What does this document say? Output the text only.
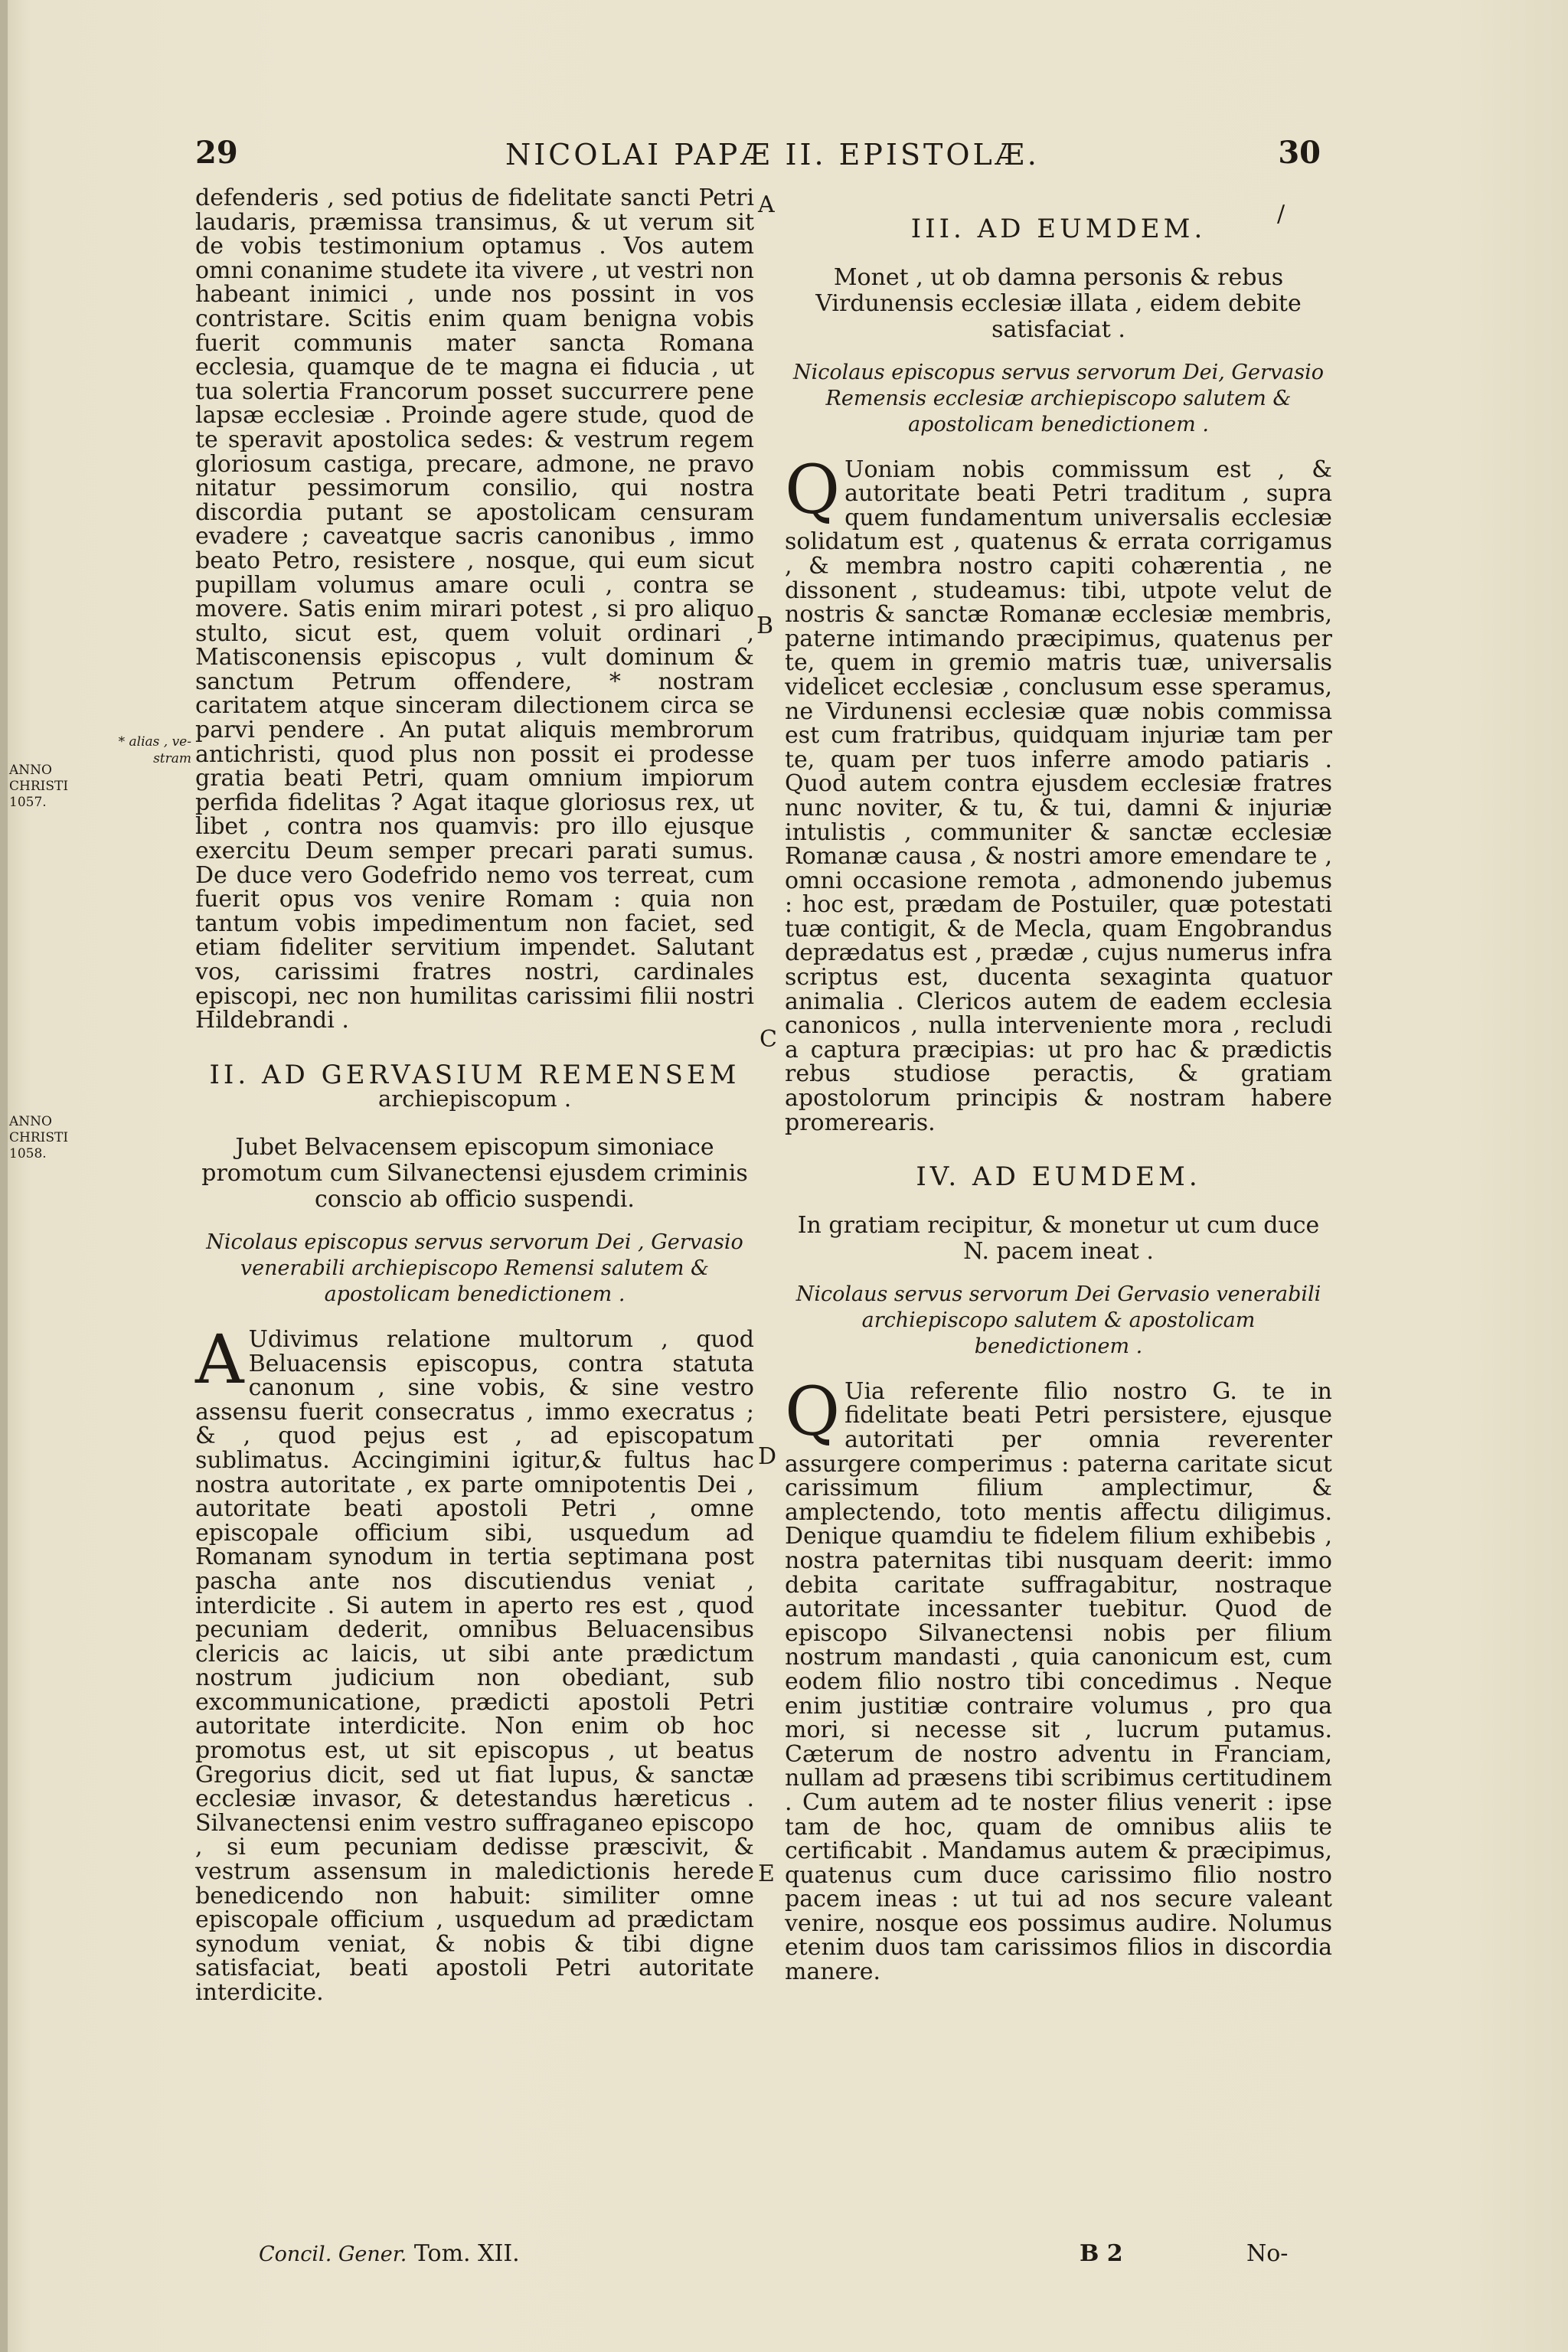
29	NICOLAI PAPÆ II. EPISTOLÆ.	30
/

defenderis , sed potius de fidelitate sancti Petri laudaris, præmissa transimus, & ut verum sit de vobis testimonium optamus . Vos autem omni conanime studete ita vivere , ut vestri non habeant inimici , unde nos possint in vos contristare. Scitis enim quam benigna vobis fuerit communis mater sancta Romana ecclesia, quamque de te magna ei fiducia , ut tua solertia Francorum posset succurrere pene lapsæ ecclesiæ . Proinde agere stude, quod de te speravit apostolica sedes: & vestrum regem gloriosum castiga, precare, admone, ne pravo nitatur pessimorum consilio, qui nostra discordia putant se apostolicam censuram evadere ; caveatque sacris canonibus , immo beato Petro, resistere , nosque, qui eum sicut pupillam volumus amare oculi , contra se movere. Satis enim mirari potest , si pro aliquo stulto, sicut est, quem voluit ordinari , Matisconensis episcopus , vult dominum & sanctum Petrum offendere, * nostram caritatem atque sinceram dilectionem circa se parvi pendere . An putat aliquis membrorum antichristi, quod plus non possit ei prodesse gratia beati Petri, quam omnium impiorum perfida fidelitas ? Agat itaque gloriosus rex, ut libet , contra nos quamvis: pro illo ejusque exercitu Deum semper precari parati sumus. De duce vero Godefrido nemo vos terreat, cum fuerit opus vos venire Romam : quia non tantum vobis impedimentum non faciet, sed etiam fideliter servitium impendet. Salutant vos, carissimi fratres nostri, cardinales episcopi, nec non humilitas carissimi filii nostri Hildebrandi .

II. AD GERVASIUM REMENSEM

archiepiscopum .

Jubet Belvacensem episcopum simoniace promotum cum Silvanectensi ejusdem criminis conscio ab officio suspendi.

Nicolaus episcopus servus servorum Dei , Gervasio venerabili archiepiscopo Remensi salutem & apostolicam benedictionem .

A Udivimus relatione multorum , quod Beluacensis episcopus, contra statuta canonum , sine vobis, & sine vestro assensu fuerit consecratus , immo execratus ; & , quod pejus est , ad episcopatum sublimatus. Accingimini igitur,& fultus hac nostra autoritate , ex parte omnipotentis Dei , autoritate beati apostoli Petri , omne episcopale officium sibi, usquedum ad Romanam synodum in tertia septimana post pascha ante nos discutiendus veniat , interdicite . Si autem in aperto res est , quod pecuniam dederit, omnibus Beluacensibus clericis ac laicis, ut sibi ante prædictum nostrum judicium non obediant, sub excommunicatione, prædicti apostoli Petri autoritate interdicite. Non enim ob hoc promotus est, ut sit episcopus , ut beatus Gregorius dicit, sed ut fiat lupus, & sanctæ ecclesiæ invasor, & detestandus hæreticus . Silvanectensi enim vestro suffraganeo episcopo , si eum pecuniam dedisse præscivit, & vestrum assensum in maledictionis herede benedicendo non habuit: similiter omne episcopale officium , usquedum ad prædictam synodum veniat, & nobis & tibi digne satisfaciat, beati apostoli Petri autoritate interdicite.

III. AD EUMDEM.

Monet , ut ob damna personis & rebus Virdunensis ecclesiæ illata , eidem debite satisfaciat .

Nicolaus episcopus servus servorum Dei, Gervasio Remensis ecclesiæ archiepiscopo salutem & apostolicam benedictionem .

Q Uoniam nobis commissum est , & autoritate beati Petri traditum , supra quem fundamentum universalis ecclesiæ solidatum est , quatenus & errata corrigamus , & membra nostro capiti cohærentia , ne dissonent , studeamus: tibi, utpote velut de nostris & sanctæ Romanæ ecclesiæ membris, paterne intimando præcipimus, quatenus per te, quem in gremio matris tuæ, universalis videlicet ecclesiæ , conclusum esse speramus, ne Virdunensi ecclesiæ quæ nobis commissa est cum fratribus, quidquam injuriæ tam per te, quam per tuos inferre amodo patiaris . Quod autem contra ejusdem ecclesiæ fratres nunc noviter, & tu, & tui, damni & injuriæ intulistis , communiter & sanctæ ecclesiæ Romanæ causa , & nostri amore emendare te , omni occasione remota , admonendo jubemus : hoc est, prædam de Postuiler, quæ potestati tuæ contigit, & de Mecla, quam Engobrandus deprædatus est , prædæ , cujus numerus infra scriptus est, ducenta sexaginta quatuor animalia . Clericos autem de eadem ecclesia canonicos , nulla interveniente mora , recludi a captura præcipias: ut pro hac & prædictis rebus studiose peractis, & gratiam apostolorum principis & nostram habere promerearis.

IV. AD EUMDEM.

In gratiam recipitur, & monetur ut cum duce N. pacem ineat .

Nicolaus servus servorum Dei Gervasio venerabili archiepiscopo salutem & apostolicam benedictionem .

Q Uia referente filio nostro G. te in fidelitate beati Petri persistere, ejusque autoritati per omnia reverenter assurgere comperimus : paterna caritate sicut carissimum filium amplectimur, & amplectendo, toto mentis affectu diligimus. Denique quamdiu te fidelem filium exhibebis , nostra paternitas tibi nusquam deerit: immo debita caritate suffragabitur, nostraque autoritate incessanter tuebitur. Quod de episcopo Silvanectensi nobis per filium nostrum mandasti , quia canonicum est, cum eodem filio nostro tibi concedimus . Neque enim justitiæ contraire volumus , pro qua mori, si necesse sit , lucrum putamus. Cæterum de nostro adventu in Franciam, nullam ad præsens tibi scribimus certitudinem . Cum autem ad te noster filius venerit : ipse tam de hoc, quam de omnibus aliis te certificabit . Mandamus autem & præcipimus, quatenus cum duce carissimo filio nostro pacem ineas : ut tui ad nos secure valeant venire, nosque eos possimus audire. Nolumus etenim duos tam carissimos filios in discordia manere.

A
B
C
D
E
* alias , ve-
stram
ANNO
CHRISTI
1057.
ANNO
CHRISTI
1058.
Concil. Gener. Tom. XII.	B 2	No-
